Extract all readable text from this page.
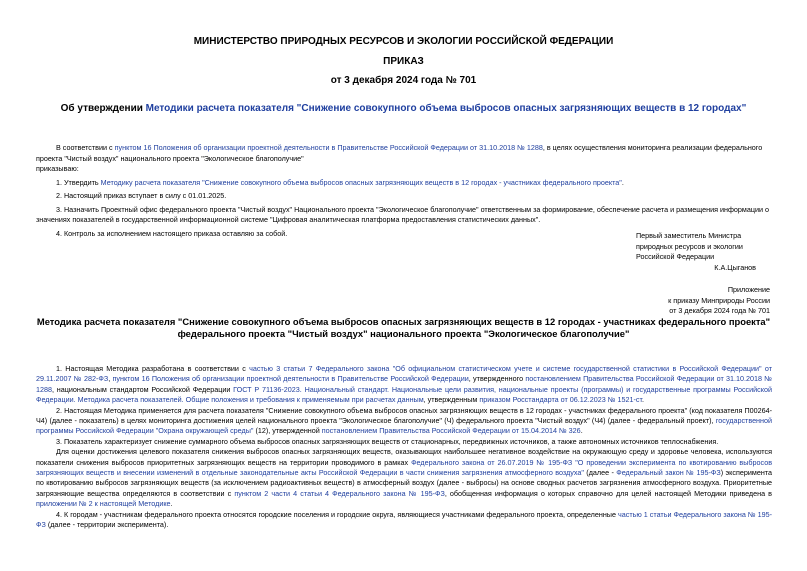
МИНИСТЕРСТВО ПРИРОДНЫХ РЕСУРСОВ И ЭКОЛОГИИ РОССИЙСКОЙ ФЕДЕРАЦИИ
ПРИКАЗ
от 3 декабря 2024 года № 701
Об утверждении Методики расчета показателя "Снижение совокупного объема выбросов опасных загрязняющих веществ в 12 городах"

В соответствии с пунктом 16 Положения об организации проектной деятельности в Правительстве Российской Федерации от 31.10.2018 № 1288, в целях осуществления мониторинга реализации федерального проекта "Чистый воздух" национального проекта "Экологическое благополучие"

приказываю:

1. Утвердить Методику расчета показателя "Снижение совокупного объема выбросов опасных загрязняющих веществ в 12 городах - участниках федерального проекта".

2. Настоящий приказ вступает в силу с 01.01.2025.

3. Назначить Проектный офис федерального проекта "Чистый воздух" Национального проекта "Экологическое благополучие" ответственным за формирование, обеспечение расчета и размещения информации о значениях показателей в государственной информационной системе "Цифровая аналитическая платформа предоставления статистических данных".

4. Контроль за исполнением настоящего приказа оставляю за собой.	Первый заместитель Министра
природных ресурсов и экологии
Российской Федерации
К.А.Цыганов
Приложение
к приказу Минприроды России
от 3 декабря 2024 года № 701
Методика расчета показателя "Снижение совокупного объема выбросов опасных загрязняющих веществ в 12 городах - участниках федерального проекта"
федерального проекта "Чистый воздух" национального проекта "Экологическое благополучие"

1. Настоящая Методика разработана в соответствии с частью 3 статьи 7 Федерального закона "Об официальном статистическом учете и системе государственной статистики в Российской Федерации" от 29.11.2007 № 282-ФЗ, пунктом 16 Положения об организации проектной деятельности в Правительстве Российской Федерации, утвержденного постановлением Правительства Российской Федерации от 31.10.2018 № 1288, национальным стандартом Российской Федерации ГОСТ Р 71136-2023. Национальный стандарт. Национальные цели развития, национальные проекты (программы) и государственные программы Российской Федерации. Методика расчета показателей. Общие положения и требования к применяемым при расчетах данным, утвержденным приказом Росстандарта от 06.12.2023 № 1521-ст.

2. Настоящая Методика применяется для расчета показателя "Снижение совокупного объема выбросов опасных загрязняющих веществ в 12 городах - участниках федерального проекта" (код показателя П00264-Ч4) (далее - показатель) в целях мониторинга достижения целей национального проекта "Экологическое благополучие" (Ч) федерального проекта "Чистый воздух" (Ч4) (далее - федеральный проект), государственной программы Российской Федерации "Охрана окружающей среды" (12), утвержденной постановлением Правительства Российской Федерации от 15.04.2014 № 326.

3. Показатель характеризует снижение суммарного объема выбросов опасных загрязняющих веществ от стационарных, передвижных источников, а также автономных источников теплоснабжения.

Для оценки достижения целевого показателя снижения выбросов опасных загрязняющих веществ, оказывающих наибольшее негативное воздействие на окружающую среду и здоровье человека, используются показатели снижения выбросов приоритетных загрязняющих веществ на территории проводимого в рамках Федерального закона от 26.07.2019 № 195-ФЗ "О проведении эксперимента по квотированию выбросов загрязняющих веществ и внесении изменений в отдельные законодательные акты Российской Федерации в части снижения загрязнения атмосферного воздуха" (далее - Федеральный закон № 195-ФЗ) эксперимента по квотированию выбросов загрязняющих веществ (за исключением радиоактивных веществ) в атмосферный воздух (далее - выбросы) на основе сводных расчетов загрязнения атмосферного воздуха. Приоритетные загрязняющие вещества определяются в соответствии с пунктом 2 части 4 статьи 4 Федерального закона № 195-ФЗ, обобщенная информация о которых справочно для целей настоящей Методики приведена в приложении № 2 к настоящей Методике.

4. К городам - участникам федерального проекта относятся городские поселения и городские округа, являющиеся участниками федерального проекта, определенные частью 1 статьи Федерального закона № 195-ФЗ (далее - территории эксперимента).
